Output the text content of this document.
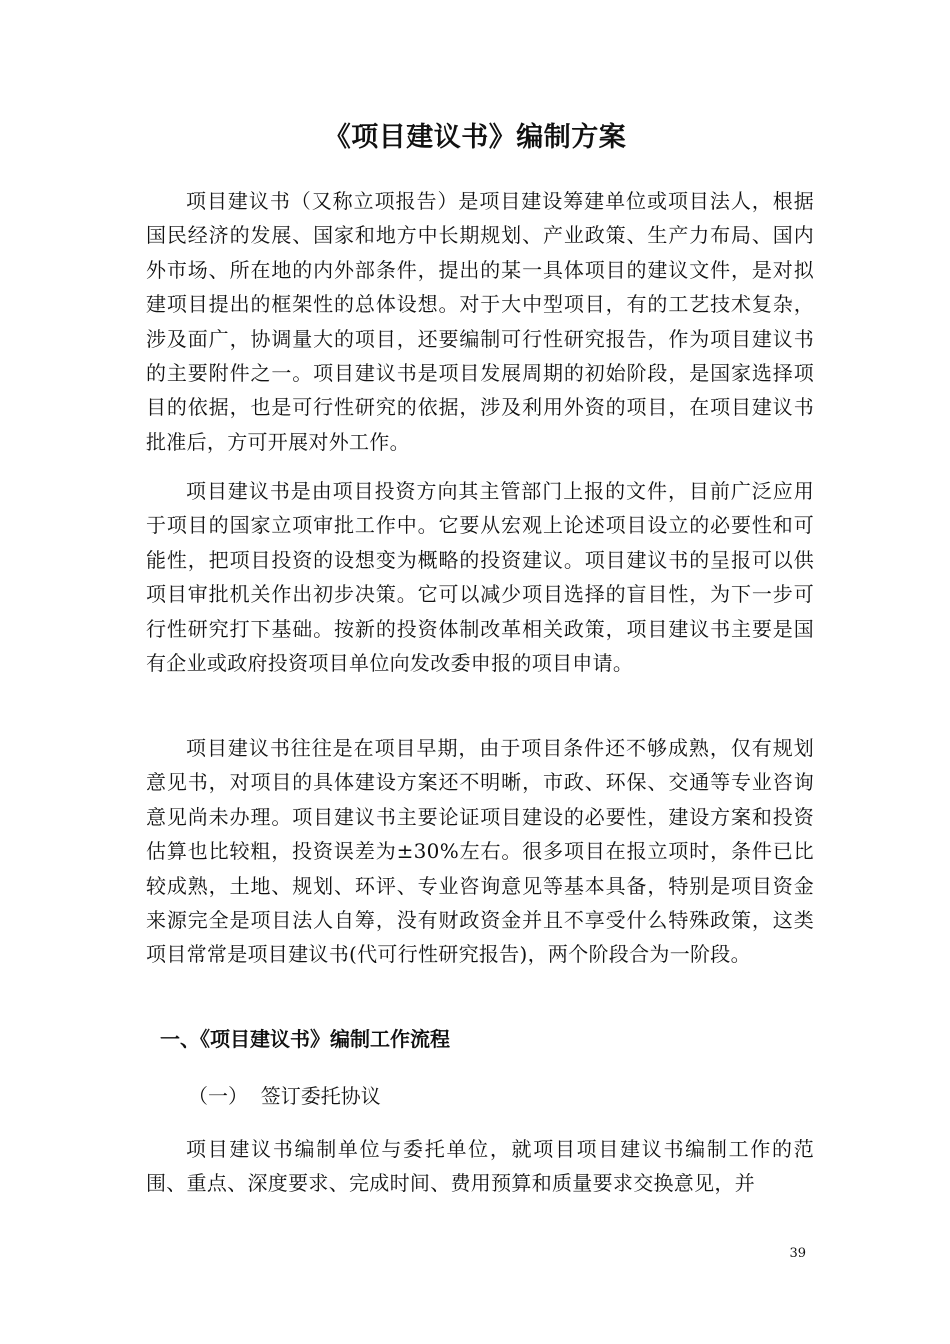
《项目建议书》编制方案
项目建议书（又称立项报告）是项目建设筹建单位或项目法人，根据国民经济的发展、国家和地方中长期规划、产业政策、生产力布局、国内外市场、所在地的内外部条件，提出的某一具体项目的建议文件，是对拟建项目提出的框架性的总体设想。对于大中型项目，有的工艺技术复杂，涉及面广，协调量大的项目，还要编制可行性研究报告，作为项目建议书的主要附件之一。项目建议书是项目发展周期的初始阶段，是国家选择项目的依据，也是可行性研究的依据，涉及利用外资的项目，在项目建议书批准后，方可开展对外工作。
项目建议书是由项目投资方向其主管部门上报的文件，目前广泛应用于项目的国家立项审批工作中。它要从宏观上论述项目设立的必要性和可能性，把项目投资的设想变为概略的投资建议。项目建议书的呈报可以供项目审批机关作出初步决策。它可以减少项目选择的盲目性，为下一步可行性研究打下基础。按新的投资体制改革相关政策，项目建议书主要是国有企业或政府投资项目单位向发改委申报的项目申请。
项目建议书往往是在项目早期，由于项目条件还不够成熟，仅有规划意见书，对项目的具体建设方案还不明晰，市政、环保、交通等专业咨询意见尚未办理。项目建议书主要论证项目建设的必要性，建设方案和投资估算也比较粗，投资误差为±30%左右。很多项目在报立项时，条件已比较成熟，土地、规划、环评、专业咨询意见等基本具备，特别是项目资金来源完全是项目法人自筹，没有财政资金并且不享受什么特殊政策，这类项目常常是项目建议书(代可行性研究报告)，两个阶段合为一阶段。
一、《项目建议书》编制工作流程
（一）  签订委托协议
项目建议书编制单位与委托单位，就项目项目建议书编制工作的范围、重点、深度要求、完成时间、费用预算和质量要求交换意见，并
39
